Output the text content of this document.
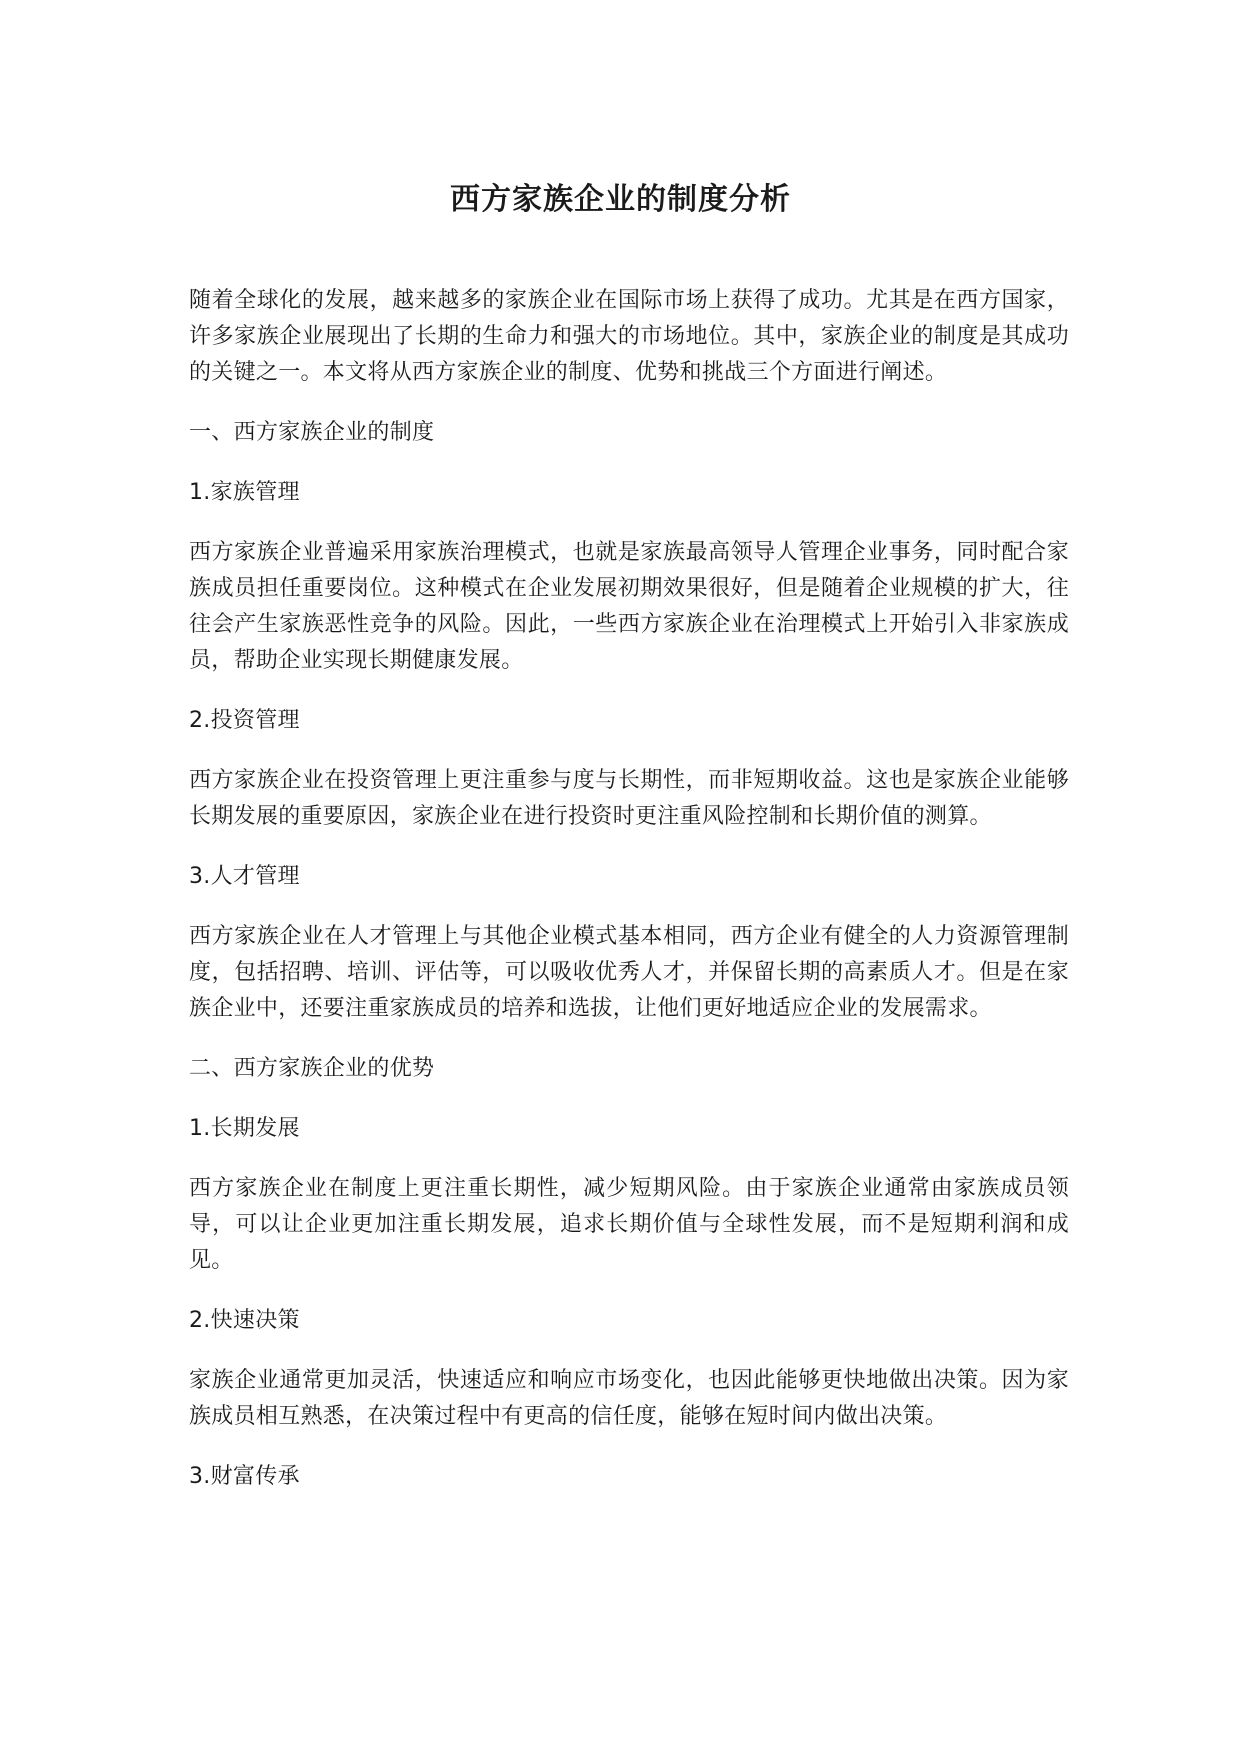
西方家族企业的制度分析

随着全球化的发展，越来越多的家族企业在国际市场上获得了成功。尤其是在西方国家，许多家族企业展现出了长期的生命力和强大的市场地位。其中，家族企业的制度是其成功的关键之一。本文将从西方家族企业的制度、优势和挑战三个方面进行阐述。

一、西方家族企业的制度

1.家族管理

西方家族企业普遍采用家族治理模式，也就是家族最高领导人管理企业事务，同时配合家族成员担任重要岗位。这种模式在企业发展初期效果很好，但是随着企业规模的扩大，往往会产生家族恶性竞争的风险。因此，一些西方家族企业在治理模式上开始引入非家族成员，帮助企业实现长期健康发展。

2.投资管理

西方家族企业在投资管理上更注重参与度与长期性，而非短期收益。这也是家族企业能够长期发展的重要原因，家族企业在进行投资时更注重风险控制和长期价值的测算。

3.人才管理

西方家族企业在人才管理上与其他企业模式基本相同，西方企业有健全的人力资源管理制度，包括招聘、培训、评估等，可以吸收优秀人才，并保留长期的高素质人才。但是在家族企业中，还要注重家族成员的培养和选拔，让他们更好地适应企业的发展需求。

二、西方家族企业的优势

1.长期发展

西方家族企业在制度上更注重长期性，减少短期风险。由于家族企业通常由家族成员领导，可以让企业更加注重长期发展，追求长期价值与全球性发展，而不是短期利润和成见。

2.快速决策

家族企业通常更加灵活，快速适应和响应市场变化，也因此能够更快地做出决策。因为家族成员相互熟悉，在决策过程中有更高的信任度，能够在短时间内做出决策。

3.财富传承
